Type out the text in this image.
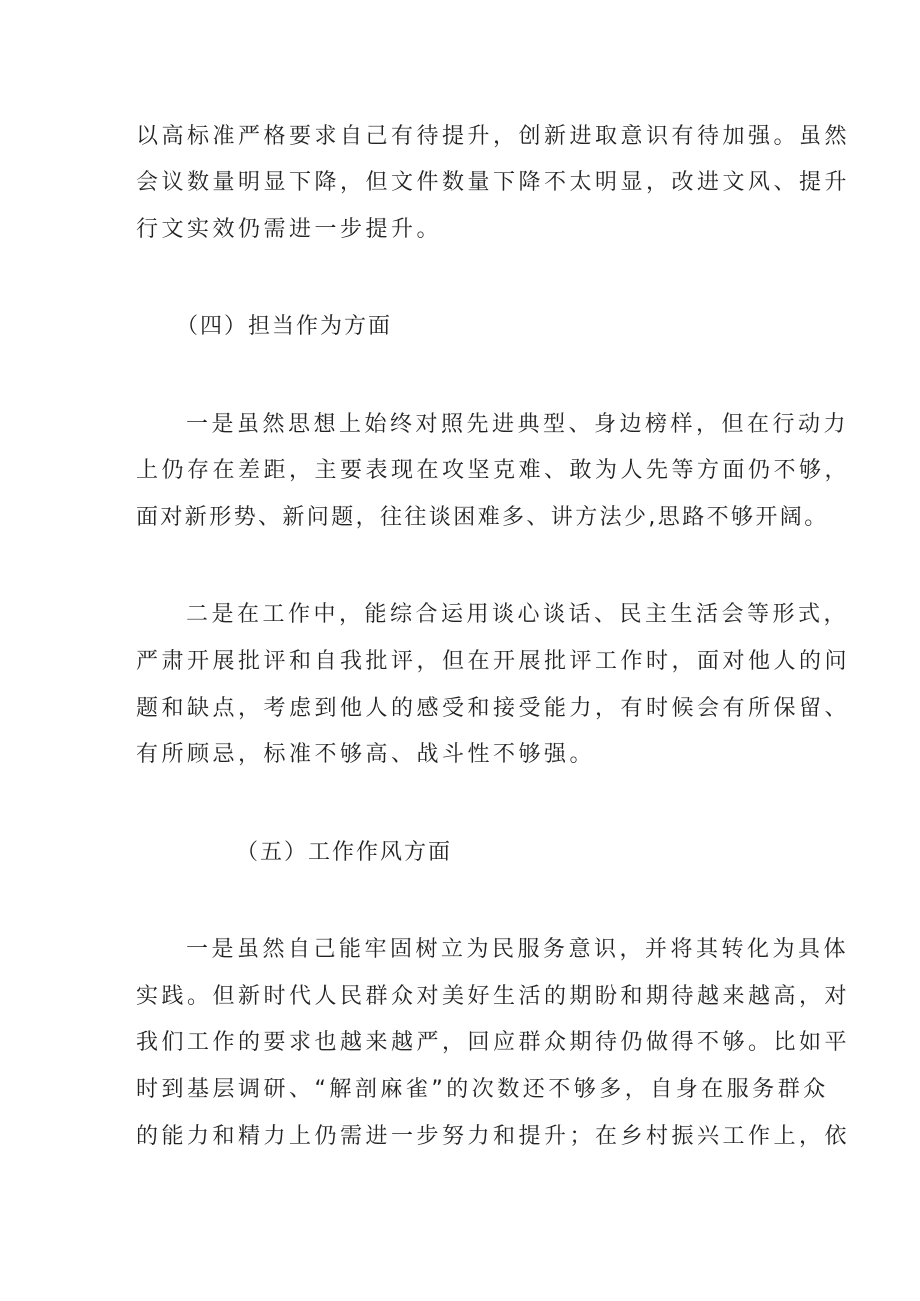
以高标准严格要求自己有待提升，创新进取意识有待加强。虽然
会议数量明显下降，但文件数量下降不太明显，改进文风、提升
行文实效仍需进一步提升。
（四）担当作为方面
一是虽然思想上始终对照先进典型、身边榜样，但在行动力
上仍存在差距，主要表现在攻坚克难、敢为人先等方面仍不够，
面对新形势、新问题，往往谈困难多、讲方法少,思路不够开阔。
二是在工作中，能综合运用谈心谈话、民主生活会等形式，
严肃开展批评和自我批评，但在开展批评工作时，面对他人的问
题和缺点，考虑到他人的感受和接受能力，有时候会有所保留、
有所顾忌，标准不够高、战斗性不够强。
（五）工作作风方面
一是虽然自己能牢固树立为民服务意识，并将其转化为具体
实践。但新时代人民群众对美好生活的期盼和期待越来越高，对
我们工作的要求也越来越严，回应群众期待仍做得不够。比如平
时到基层调研、“解剖麻雀”的次数还不够多，自身在服务群众
的能力和精力上仍需进一步努力和提升；在乡村振兴工作上，依
